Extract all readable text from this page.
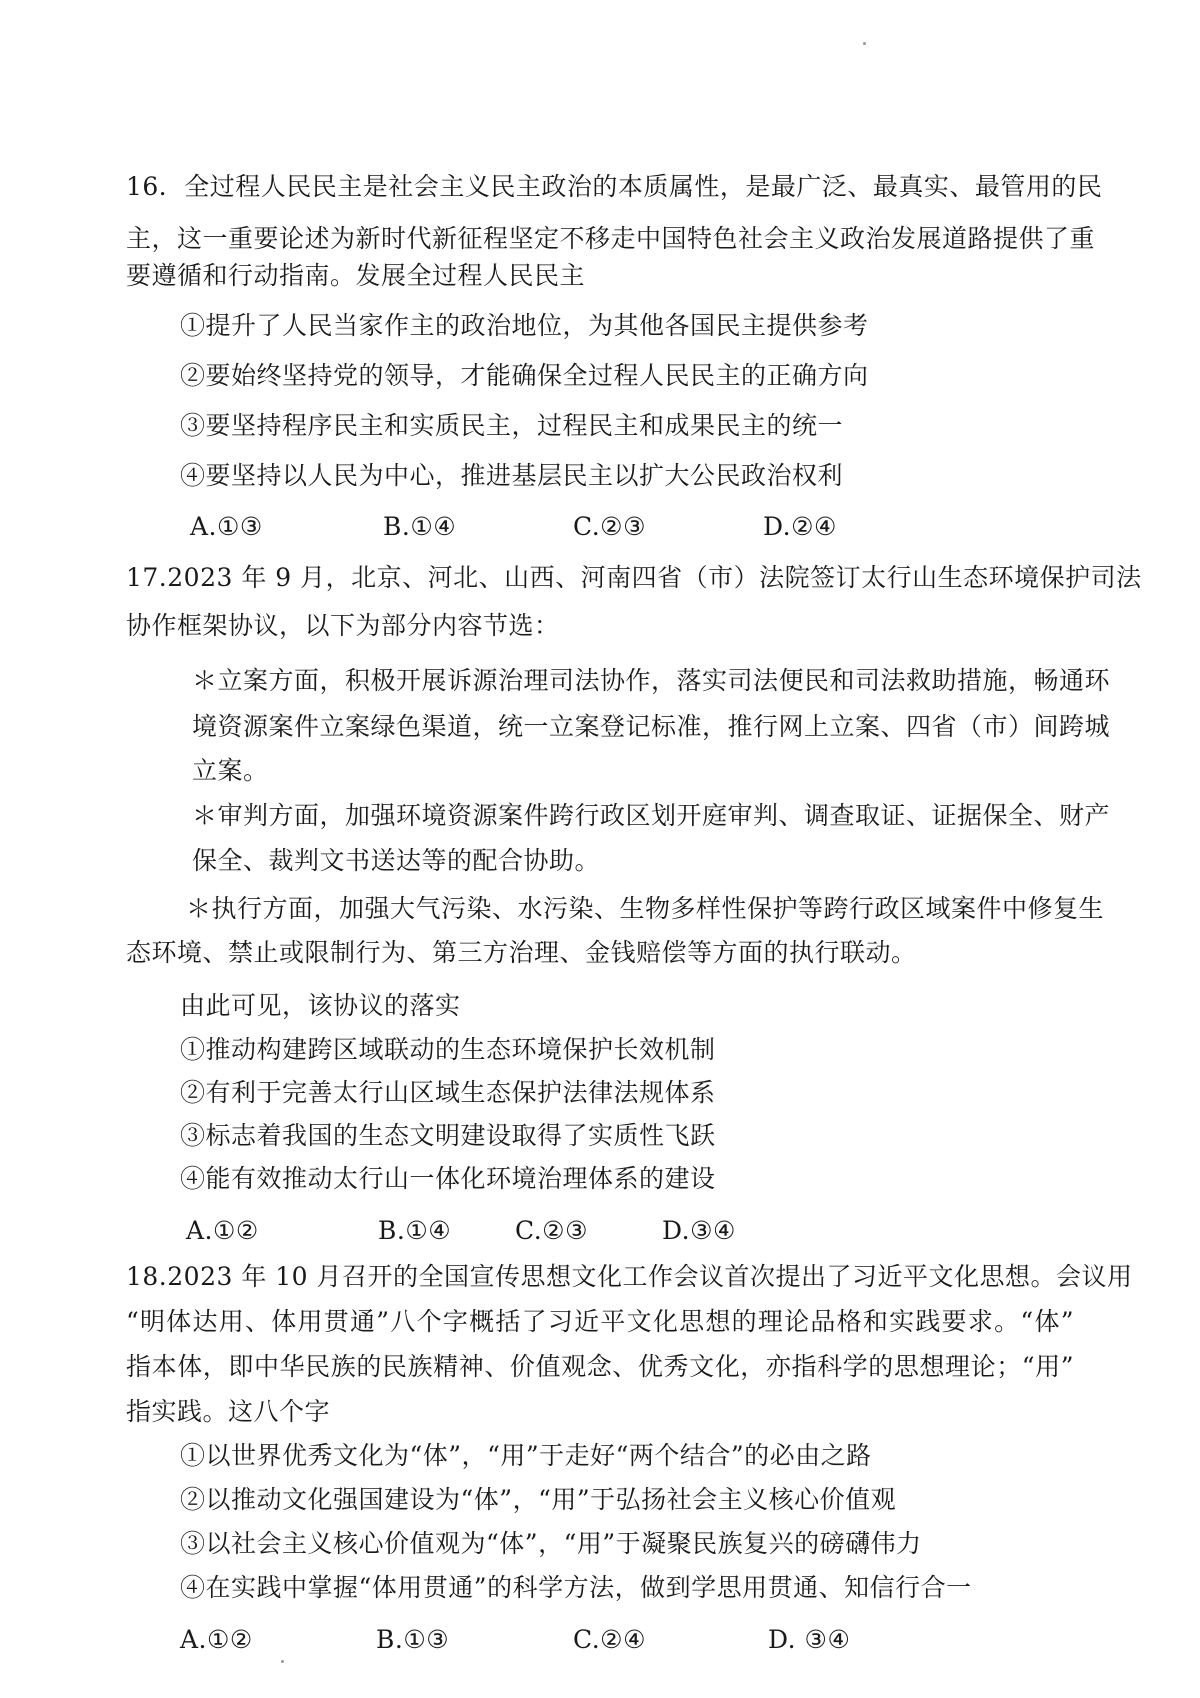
16．全过程人民民主是社会主义民主政治的本质属性，是最广泛、最真实、最管用的民
主，这一重要论述为新时代新征程坚定不移走中国特色社会主义政治发展道路提供了重
要遵循和行动指南。发展全过程人民民主
①提升了人民当家作主的政治地位，为其他各国民主提供参考
②要始终坚持党的领导，才能确保全过程人民民主的正确方向
③要坚持程序民主和实质民主，过程民主和成果民主的统一
④要坚持以人民为中心，推进基层民主以扩大公民政治权利
A.①③	B.①④	C.②③	D.②④
17.2023 年 9 月，北京、河北、山西、河南四省（市）法院签订太行山生态环境保护司法
协作框架协议，以下为部分内容节选：
＊立案方面，积极开展诉源治理司法协作，落实司法便民和司法救助措施，畅通环
境资源案件立案绿色渠道，统一立案登记标准，推行网上立案、四省（市）间跨城
立案。
＊审判方面，加强环境资源案件跨行政区划开庭审判、调查取证、证据保全、财产
保全、裁判文书送达等的配合协助。
＊执行方面，加强大气污染、水污染、生物多样性保护等跨行政区域案件中修复生
态环境、禁止或限制行为、第三方治理、金钱赔偿等方面的执行联动。
由此可见，该协议的落实
①推动构建跨区域联动的生态环境保护长效机制
②有利于完善太行山区域生态保护法律法规体系
③标志着我国的生态文明建设取得了实质性飞跃
④能有效推动太行山一体化环境治理体系的建设
A.①②	B.①④	C.②③	D.③④
18.2023 年 10 月召开的全国宣传思想文化工作会议首次提出了习近平文化思想。会议用
“明体达用、体用贯通”八个字概括了习近平文化思想的理论品格和实践要求。“体”
指本体，即中华民族的民族精神、价值观念、优秀文化，亦指科学的思想理论；“用”
指实践。这八个字
①以世界优秀文化为“体”，“用”于走好“两个结合”的必由之路
②以推动文化强国建设为“体”，“用”于弘扬社会主义核心价值观
③以社会主义核心价值观为“体”，“用”于凝聚民族复兴的磅礴伟力
④在实践中掌握“体用贯通”的科学方法，做到学思用贯通、知信行合一
A.①②	B.①③	C.②④	D. ③④
